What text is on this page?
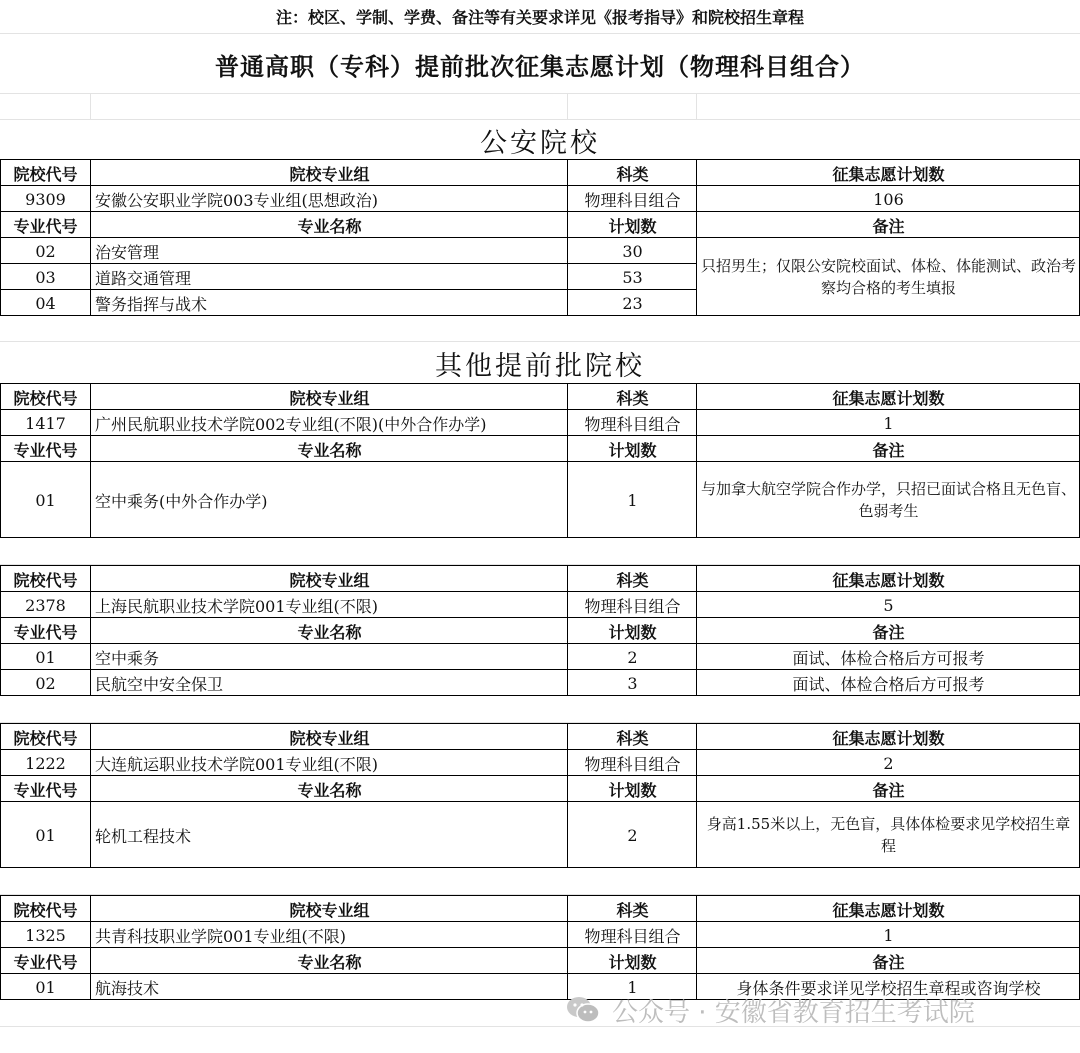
注：校区、学制、学费、备注等有关要求详见《报考指导》和院校招生章程
普通高职（专科）提前批次征集志愿计划（物理科目组合）
公安院校
院校代号	院校专业组	科类	征集志愿计划数
9309	安徽公安职业学院003专业组(思想政治)	物理科目组合	106
专业代号	专业名称	计划数	备注
02	治安管理	30
03	道路交通管理	53
04	警务指挥与战术	23
只招男生；仅限公安院校面试、体检、体能测试、政治考察均合格的考生填报
其他提前批院校
院校代号	院校专业组	科类	征集志愿计划数
1417	广州民航职业技术学院002专业组(不限)(中外合作办学)	物理科目组合	1
专业代号	专业名称	计划数	备注
01	空中乘务(中外合作办学)	1
与加拿大航空学院合作办学，只招已面试合格且无色盲、色弱考生
院校代号	院校专业组	科类	征集志愿计划数
2378	上海民航职业技术学院001专业组(不限)	物理科目组合	5
专业代号	专业名称	计划数	备注
01	空中乘务	2	面试、体检合格后方可报考
02	民航空中安全保卫	3	面试、体检合格后方可报考
院校代号	院校专业组	科类	征集志愿计划数
1222	大连航运职业技术学院001专业组(不限)	物理科目组合	2
专业代号	专业名称	计划数	备注
01	轮机工程技术	2
身高1.55米以上，无色盲，具体体检要求见学校招生章程
院校代号	院校专业组	科类	征集志愿计划数
1325	共青科技职业学院001专业组(不限)	物理科目组合	1
专业代号	专业名称	计划数	备注
01	航海技术	1	身体条件要求详见学校招生章程或咨询学校
公众号 · 安徽省教育招生考试院
